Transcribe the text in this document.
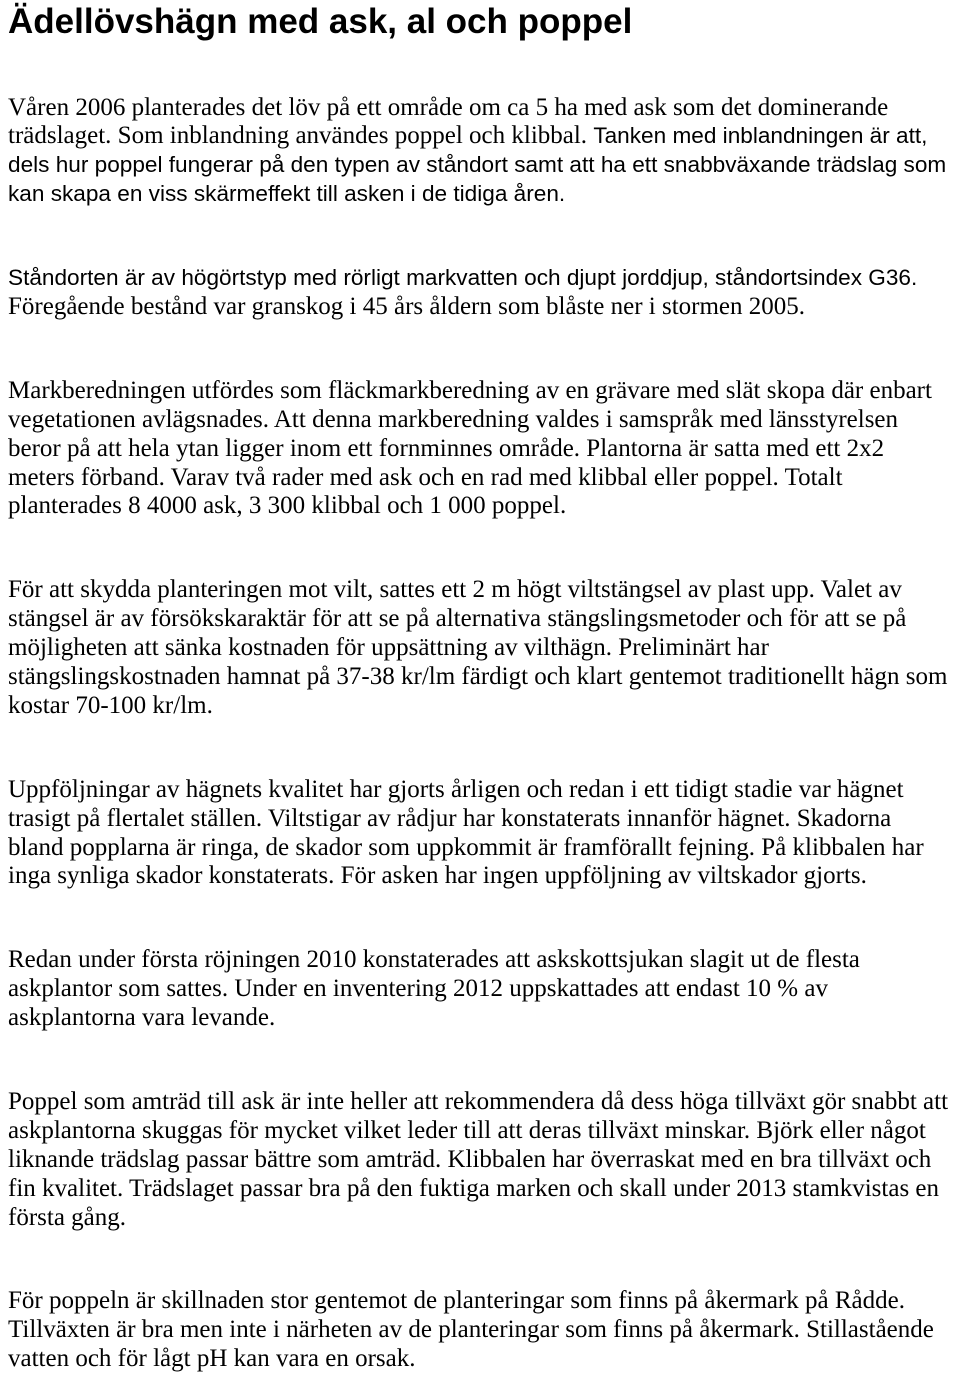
Ädellövshägn med ask, al och poppel
Våren 2006 planterades det löv på ett område om ca 5 ha med ask som det dominerande
trädslaget. Som inblandning användes poppel och klibbal. Tanken med inblandningen är att,
dels hur poppel fungerar på den typen av ståndort samt att ha ett snabbväxande trädslag som
kan skapa en viss skärmeffekt till asken i de tidiga åren.
Ståndorten är av högörtstyp med rörligt markvatten och djupt jorddjup, ståndortsindex G36.
Föregående bestånd var granskog i 45 års åldern som blåste ner i stormen 2005.
Markberedningen utfördes som fläckmarkberedning av en grävare med slät skopa där enbart
vegetationen avlägsnades. Att denna markberedning valdes i samspråk med länsstyrelsen
beror på att hela ytan ligger inom ett fornminnes område. Plantorna är satta med ett 2x2
meters förband. Varav två rader med ask och en rad med klibbal eller poppel. Totalt
planterades 8 4000 ask, 3 300 klibbal och 1 000 poppel.
För att skydda planteringen mot vilt, sattes ett 2 m högt viltstängsel av plast upp. Valet av
stängsel är av försökskaraktär för att se på alternativa stängslingsmetoder och för att se på
möjligheten att sänka kostnaden för uppsättning av vilthägn. Preliminärt har
stängslingskostnaden hamnat på 37-38 kr/lm färdigt och klart gentemot traditionellt hägn som
kostar 70-100 kr/lm.
Uppföljningar av hägnets kvalitet har gjorts årligen och redan i ett tidigt stadie var hägnet
trasigt på flertalet ställen. Viltstigar av rådjur har konstaterats innanför hägnet. Skadorna
bland popplarna är ringa, de skador som uppkommit är framförallt fejning. På klibbalen har
inga synliga skador konstaterats. För asken har ingen uppföljning av viltskador gjorts.
Redan under första röjningen 2010 konstaterades att askskottsjukan slagit ut de flesta
askplantor som sattes. Under en inventering 2012 uppskattades att endast 10 % av
askplantorna vara levande.
Poppel som amträd till ask är inte heller att rekommendera då dess höga tillväxt gör snabbt att
askplantorna skuggas för mycket vilket leder till att deras tillväxt minskar. Björk eller något
liknande trädslag passar bättre som amträd. Klibbalen har överraskat med en bra tillväxt och
fin kvalitet. Trädslaget passar bra på den fuktiga marken och skall under 2013 stamkvistas en
första gång.
För poppeln är skillnaden stor gentemot de planteringar som finns på åkermark på Rådde.
Tillväxten är bra men inte i närheten av de planteringar som finns på åkermark. Stillastående
vatten och för lågt pH kan vara en orsak.
